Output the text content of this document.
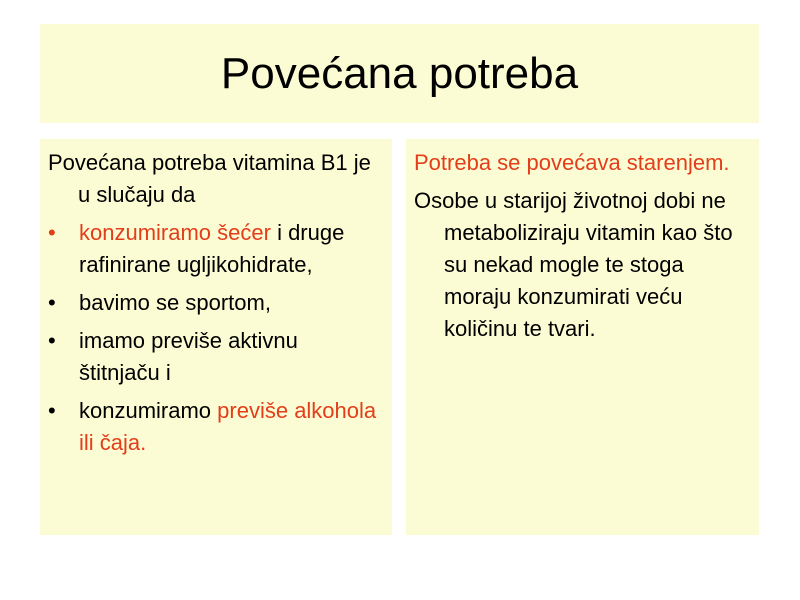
Povećana potreba

Povećana potreba vitamina B1 je u slučaju da

• konzumiramo šećer i druge rafinirane ugljikohidrate,
• bavimo se sportom,
• imamo previše aktivnu štitnjaču i
• konzumiramo previše alkohola ili čaja.

Potreba se povećava starenjem.

Osobe u starijoj životnoj dobi ne metaboliziraju vitamin kao što su nekad mogle te stoga moraju konzumirati veću količinu te tvari.
